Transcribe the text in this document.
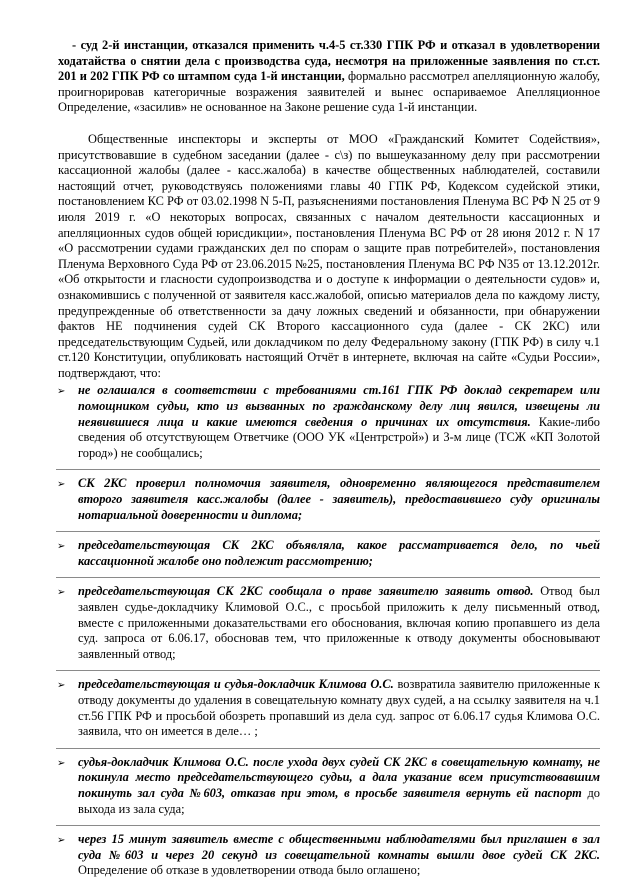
- суд 2-й инстанции, отказался применить ч.4-5 ст.330 ГПК РФ и отказал в удовлетворении ходатайства о снятии дела с производства суда, несмотря на приложенные заявления по ст.ст. 201 и 202 ГПК РФ со штампом суда 1-й инстанции, формально рассмотрел апелляционную жалобу, проигнорировав категоричные возражения заявителей и вынес оспариваемое Апелляционное Определение, «засилив» не основанное на Законе решение суда 1-й инстанции.

Общественные инспекторы и эксперты от МОО «Гражданский Комитет Содействия», присутствовавшие в судебном заседании (далее - с\з) по вышеуказанному делу при рассмотрении кассационной жалобы (далее - касс.жалоба) в качестве общественных наблюдателей, составили настоящий отчет, руководствуясь положениями главы 40 ГПК РФ, Кодексом судейской этики, постановлением КС РФ от 03.02.1998 N 5-П, разъяснениями постановления Пленума ВС РФ N 25 от 9 июля 2019 г. «О некоторых вопросах, связанных с началом деятельности кассационных и апелляционных судов общей юрисдикции», постановления Пленума ВС РФ от 28 июня 2012 г. N 17 «О рассмотрении судами гражданских дел по спорам о защите прав потребителей», постановления Пленума Верховного Суда РФ от 23.06.2015 №25, постановления Пленума ВС РФ N35 от 13.12.2012г. «Об открытости и гласности судопроизводства и о доступе к информации о деятельности судов» и, ознакомившись с полученной от заявителя касс.жалобой, описью материалов дела по каждому листу, предупрежденные об ответственности за дачу ложных сведений и обязанности, при обнаружении фактов НЕ подчинения судей СК Второго кассационного суда (далее - СК 2КС) или председательствующим Судьей, или докладчиком по делу Федеральному закону (ГПК РФ) в силу ч.1 ст.120 Конституции, опубликовать настоящий Отчёт в интернете, включая на сайте «Судьи России», подтверждают, что:

➢ не оглашался в соответствии с требованиями ст.161 ГПК РФ доклад секретарем или помощником судьи, кто из вызванных по гражданскому делу лиц явился, извещены ли неявившиеся лица и какие имеются сведения о причинах их отсутствия. Какие-либо сведения об отсутствующем Ответчике (ООО УК «Центрстрой») и 3-м лице (ТСЖ «КП Золотой город») не сообщались;
➢ СК 2КС проверил полномочия заявителя, одновременно являющегося представителем второго заявителя касс.жалобы (далее - заявитель), предоставившего суду оригиналы нотариальной доверенности и диплома;
➢ председательствующая СК 2КС объявляла, какое рассматривается дело, по чьей кассационной жалобе оно подлежит рассмотрению;
➢ председательствующая СК 2КС сообщала о праве заявителю заявить отвод. Отвод был заявлен судье-докладчику Климовой О.С., с просьбой приложить к делу письменный отвод, вместе с приложенными доказательствами его обоснования, включая копию пропавшего из дела суд. запроса от 6.06.17, обосновав тем, что приложенные к отводу документы обосновывают заявленный отвод;
➢ председательствующая и судья-докладчик Климова О.С. возвратила заявителю приложенные к отводу документы до удаления в совещательную комнату двух судей, а на ссылку заявителя на ч.1 ст.56 ГПК РФ и просьбой обозреть пропавший из дела суд. запрос от 6.06.17 судья Климова О.С. заявила, что он имеется в деле… ;
➢ судья-докладчик Климова О.С. после ухода двух судей СК 2КС в совещательную комнату, не покинула место председательствующего судьи, а дала указание всем присутствовавшим покинуть зал суда №603, отказав при этом, в просьбе заявителя вернуть ей паспорт до выхода из зала суда;
➢ через 15 минут заявитель вместе с общественными наблюдателями был приглашен в зал суда №603 и через 20 секунд из совещательной комнаты вышли двое судей СК 2КС. Определение об отказе в удовлетворении отвода было оглашено;
